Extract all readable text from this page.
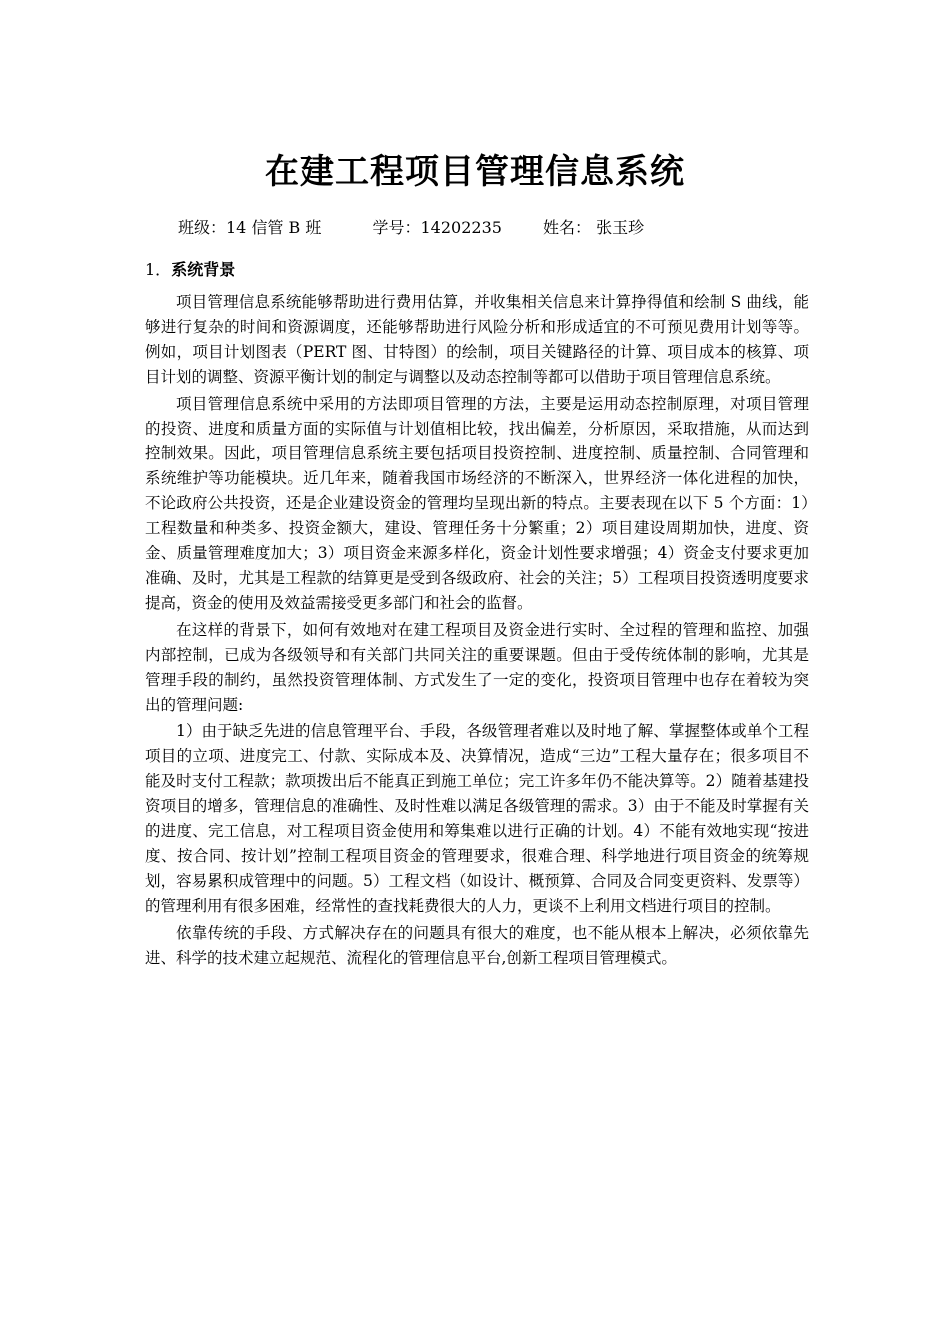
在建工程项目管理信息系统
班级：14 信管 B 班	学号：14202235	姓名： 张玉珍
1．系统背景

项目管理信息系统能够帮助进行费用估算，并收集相关信息来计算挣得值和绘制 S 曲线，能够进行复杂的时间和资源调度，还能够帮助进行风险分析和形成适宜的不可预见费用计划等等。例如，项目计划图表（PERT 图、甘特图）的绘制，项目关键路径的计算、项目成本的核算、项目计划的调整、资源平衡计划的制定与调整以及动态控制等都可以借助于项目管理信息系统。

项目管理信息系统中采用的方法即项目管理的方法，主要是运用动态控制原理，对项目管理的投资、进度和质量方面的实际值与计划值相比较，找出偏差，分析原因，采取措施，从而达到控制效果。因此，项目管理信息系统主要包括项目投资控制、进度控制、质量控制、合同管理和系统维护等功能模块。近几年来，随着我国市场经济的不断深入，世界经济一体化进程的加快，不论政府公共投资，还是企业建设资金的管理均呈现出新的特点。主要表现在以下 5 个方面：1）工程数量和种类多、投资金额大，建设、管理任务十分繁重；2）项目建设周期加快，进度、资金、质量管理难度加大；3）项目资金来源多样化，资金计划性要求增强；4）资金支付要求更加准确、及时，尤其是工程款的结算更是受到各级政府、社会的关注；5）工程项目投资透明度要求提高，资金的使用及效益需接受更多部门和社会的监督。

在这样的背景下，如何有效地对在建工程项目及资金进行实时、全过程的管理和监控、加强内部控制，已成为各级领导和有关部门共同关注的重要课题。但由于受传统体制的影响，尤其是管理手段的制约，虽然投资管理体制、方式发生了一定的变化，投资项目管理中也存在着较为突出的管理问题:

1）由于缺乏先进的信息管理平台、手段，各级管理者难以及时地了解、掌握整体或单个工程项目的立项、进度完工、付款、实际成本及、决算情况，造成“三边”工程大量存在；很多项目不能及时支付工程款；款项拨出后不能真正到施工单位；完工许多年仍不能决算等。2）随着基建投资项目的增多，管理信息的准确性、及时性难以满足各级管理的需求。3）由于不能及时掌握有关的进度、完工信息，对工程项目资金使用和筹集难以进行正确的计划。4）不能有效地实现“按进度、按合同、按计划”控制工程项目资金的管理要求，很难合理、科学地进行项目资金的统筹规划，容易累积成管理中的问题。5）工程文档（如设计、概预算、合同及合同变更资料、发票等）的管理利用有很多困难，经常性的查找耗费很大的人力，更谈不上利用文档进行项目的控制。

依靠传统的手段、方式解决存在的问题具有很大的难度，也不能从根本上解决，必须依靠先进、科学的技术建立起规范、流程化的管理信息平台,创新工程项目管理模式。
